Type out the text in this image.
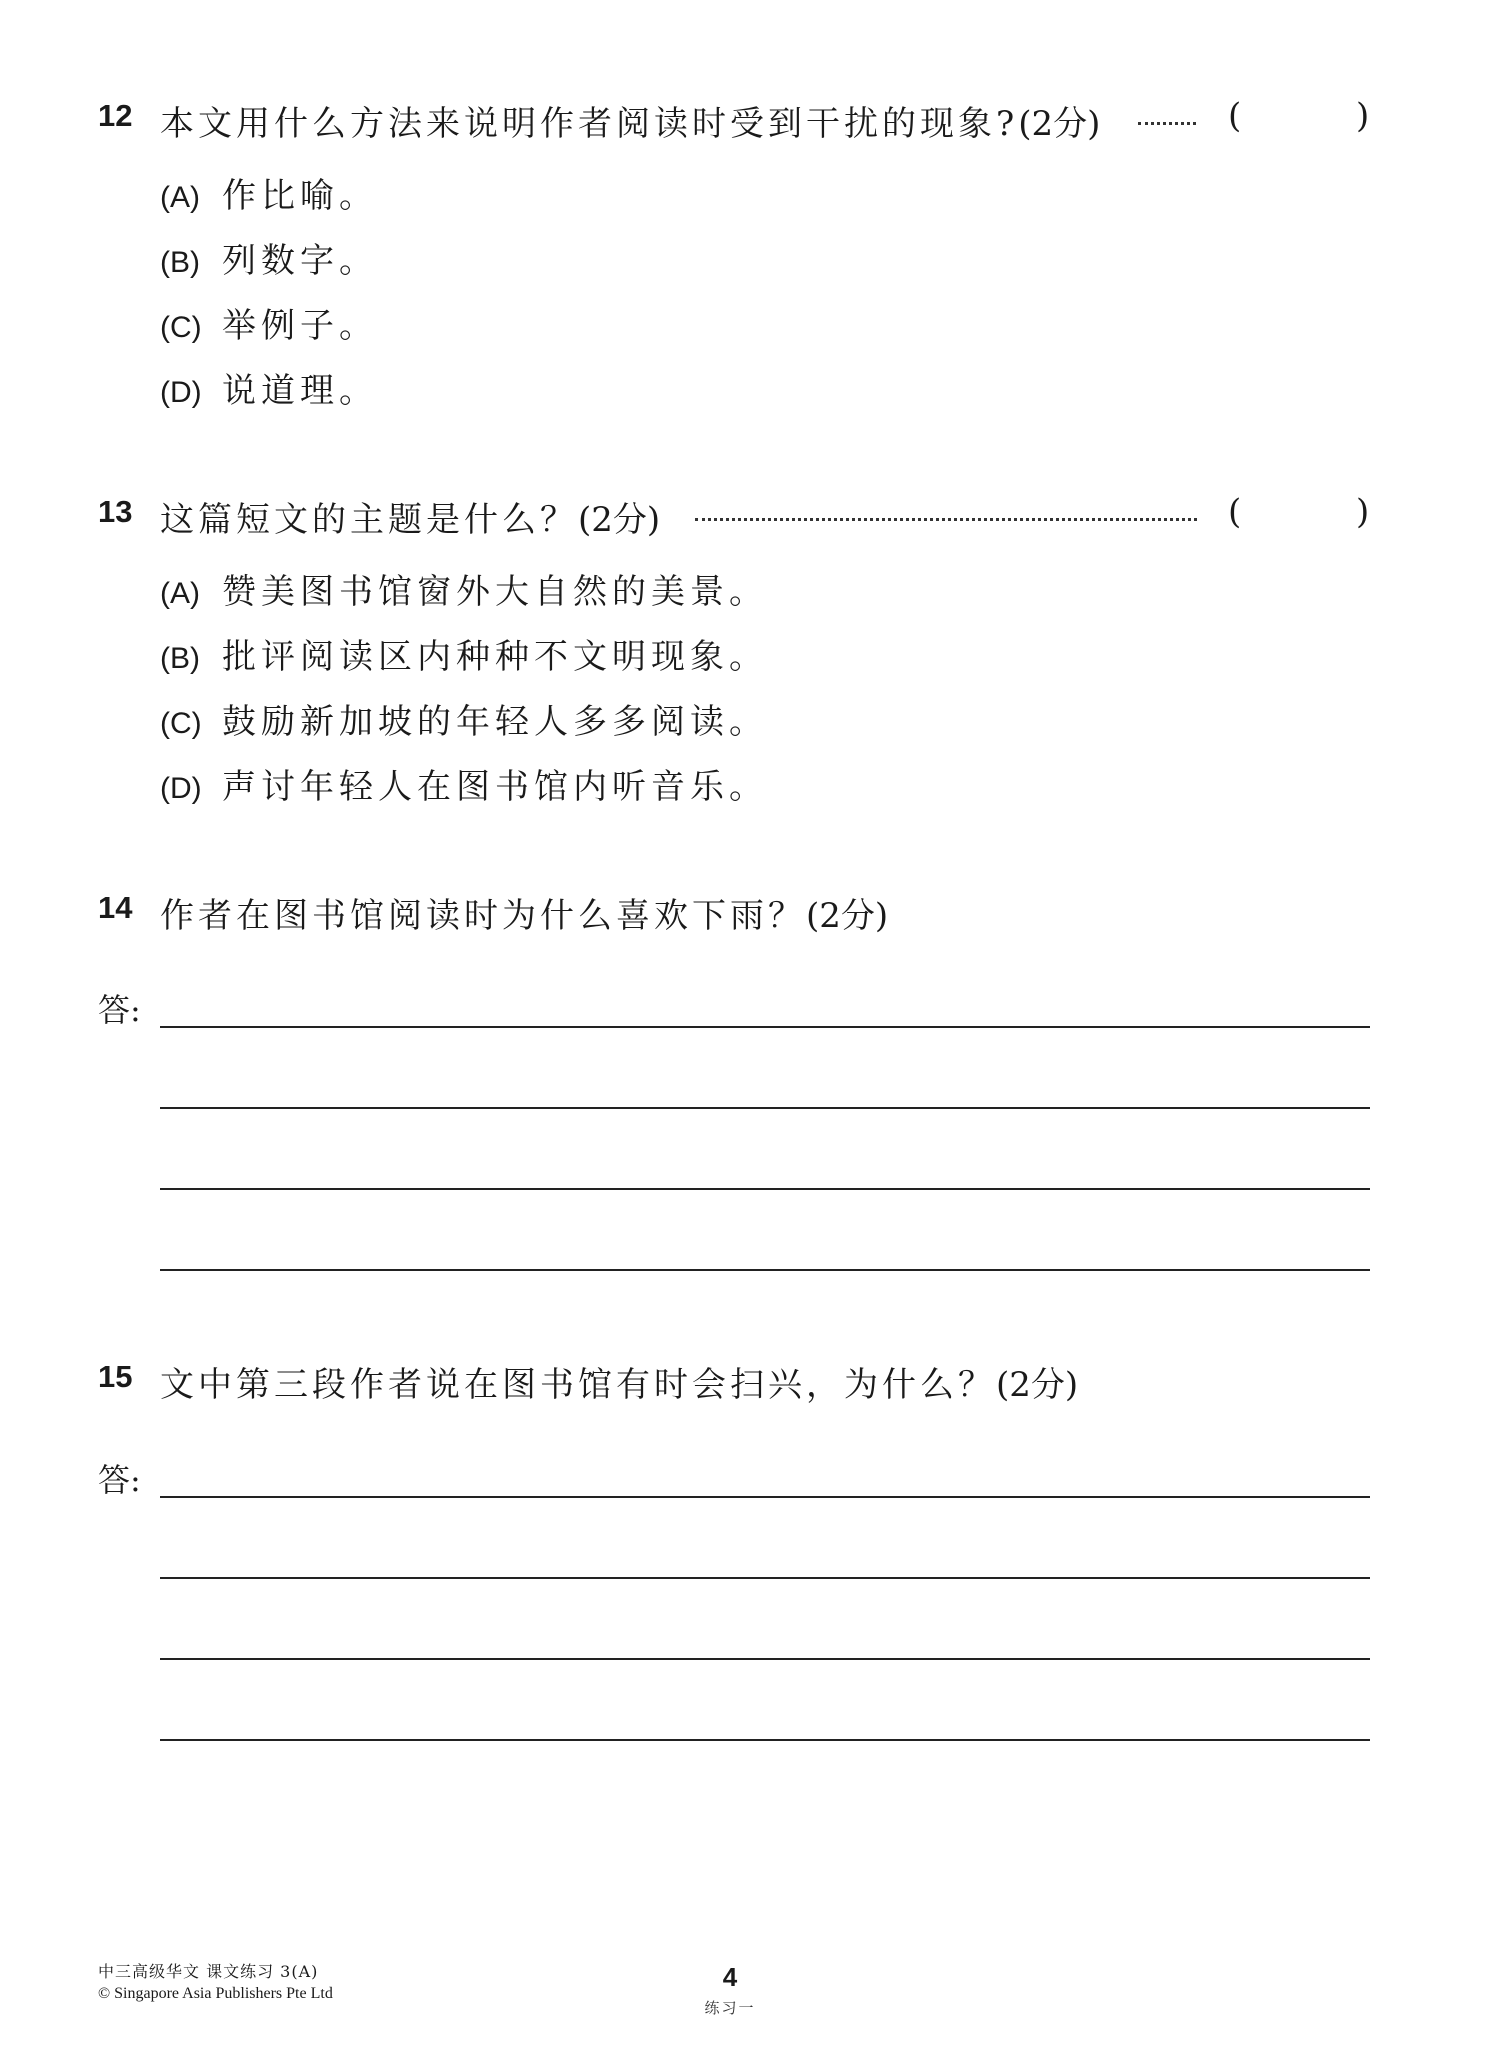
12 本文用什么方法来说明作者阅读时受到干扰的现象?(2分)	(	)
(A) 作比喻。
(B) 列数字。
(C) 举例子。
(D) 说道理。
13 这篇短文的主题是什么？(2分)	(	)
(A) 赞美图书馆窗外大自然的美景。
(B) 批评阅读区内种种不文明现象。
(C) 鼓励新加坡的年轻人多多阅读。
(D) 声讨年轻人在图书馆内听音乐。
14 作者在图书馆阅读时为什么喜欢下雨？(2分)
答:
15 文中第三段作者说在图书馆有时会扫兴，为什么？(2分)
答:
中三高级华文 课文练习 3(A)
© Singapore Asia Publishers Pte Ltd
4
练习一
